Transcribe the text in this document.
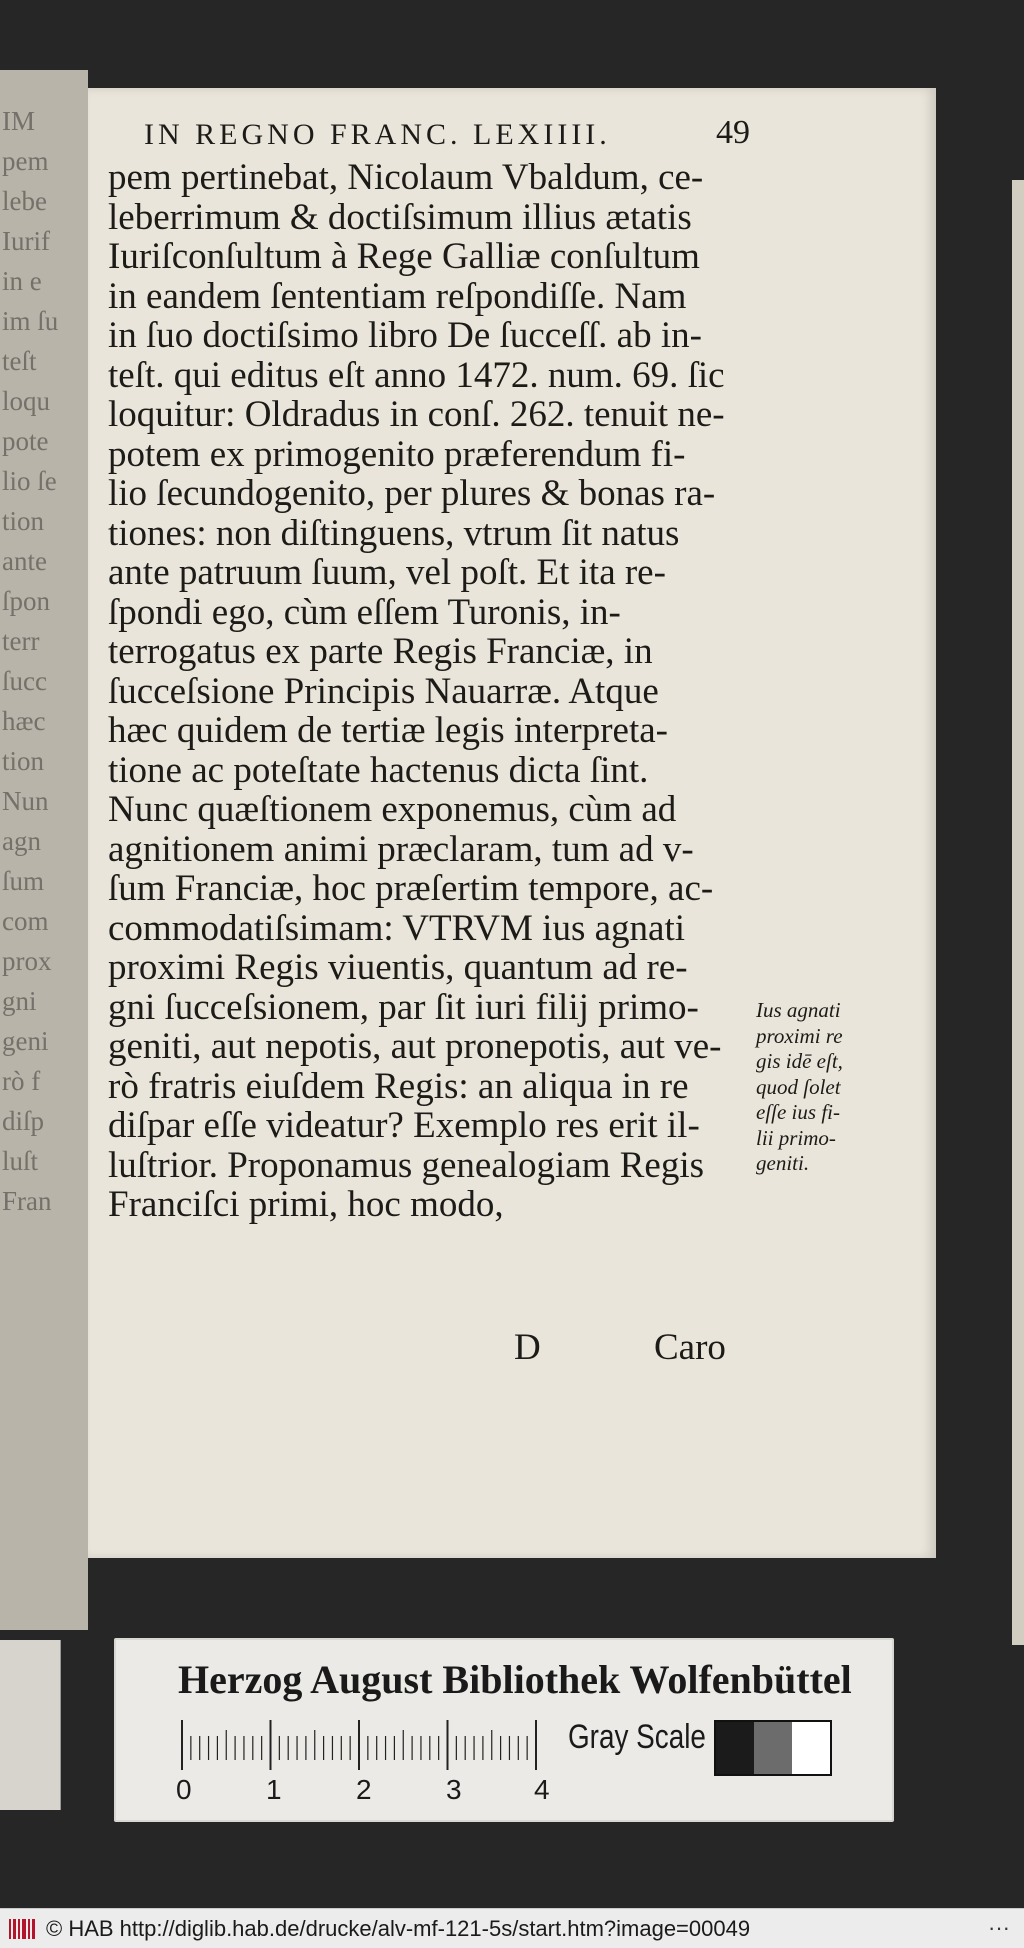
IM
pem
lebe
Iurif
in e
im ſu
teſt
loqu
pote
lio ſe
tion
ante
ſpon
terr
ſucc
hæc
tion
Nun
agn
ſum
com
prox
gni
geni
rò f
diſp
luſt
Fran
IN REGNO FRANC. LEXIIII.	49
pem pertinebat, Nicolaum Vbaldum, ce-
leberrimum & doctiſsimum illius ætatis
Iuriſconſultum à Rege Galliæ conſultum
in eandem ſententiam reſpondiſſe. Nam
in ſuo doctiſsimo libro De ſucceſſ. ab in-
teſt. qui editus eſt anno 1472. num. 69. ſic
loquitur: Oldradus in conſ. 262. tenuit ne-
potem ex primogenito præferendum fi-
lio ſecundogenito, per plures & bonas ra-
tiones: non diſtinguens, vtrum ſit natus
ante patruum ſuum, vel poſt. Et ita re-
ſpondi ego, cùm eſſem Turonis, in-
terrogatus ex parte Regis Franciæ, in
ſucceſsione Principis Nauarræ. Atque
hæc quidem de tertiæ legis interpreta-
tione ac poteſtate hactenus dicta ſint.
Nunc quæſtionem exponemus, cùm ad
agnitionem animi præclaram, tum ad v-
ſum Franciæ, hoc præſertim tempore, ac-
commodatiſsimam: VTRVM ius agnati
proximi Regis viuentis, quantum ad re-
gni ſucceſsionem, par ſit iuri filij primo-
geniti, aut nepotis, aut pronepotis, aut ve-
rò fratris eiuſdem Regis: an aliqua in re
diſpar eſſe videatur? Exemplo res erit il-
luſtrior. Proponamus genealogiam Regis
Franciſci primi, hoc modo,
Ius agnati
proximi re
gis idē eſt,
quod ſolet
eſſe ius fi-
lii primo-
geniti.
D	Caro
Herzog August Bibliothek Wolfenbüttel
0	1	2	3	4
Gray Scale
© HAB http://diglib.hab.de/drucke/alv-mf-121-5s/start.htm?image=00049	···
